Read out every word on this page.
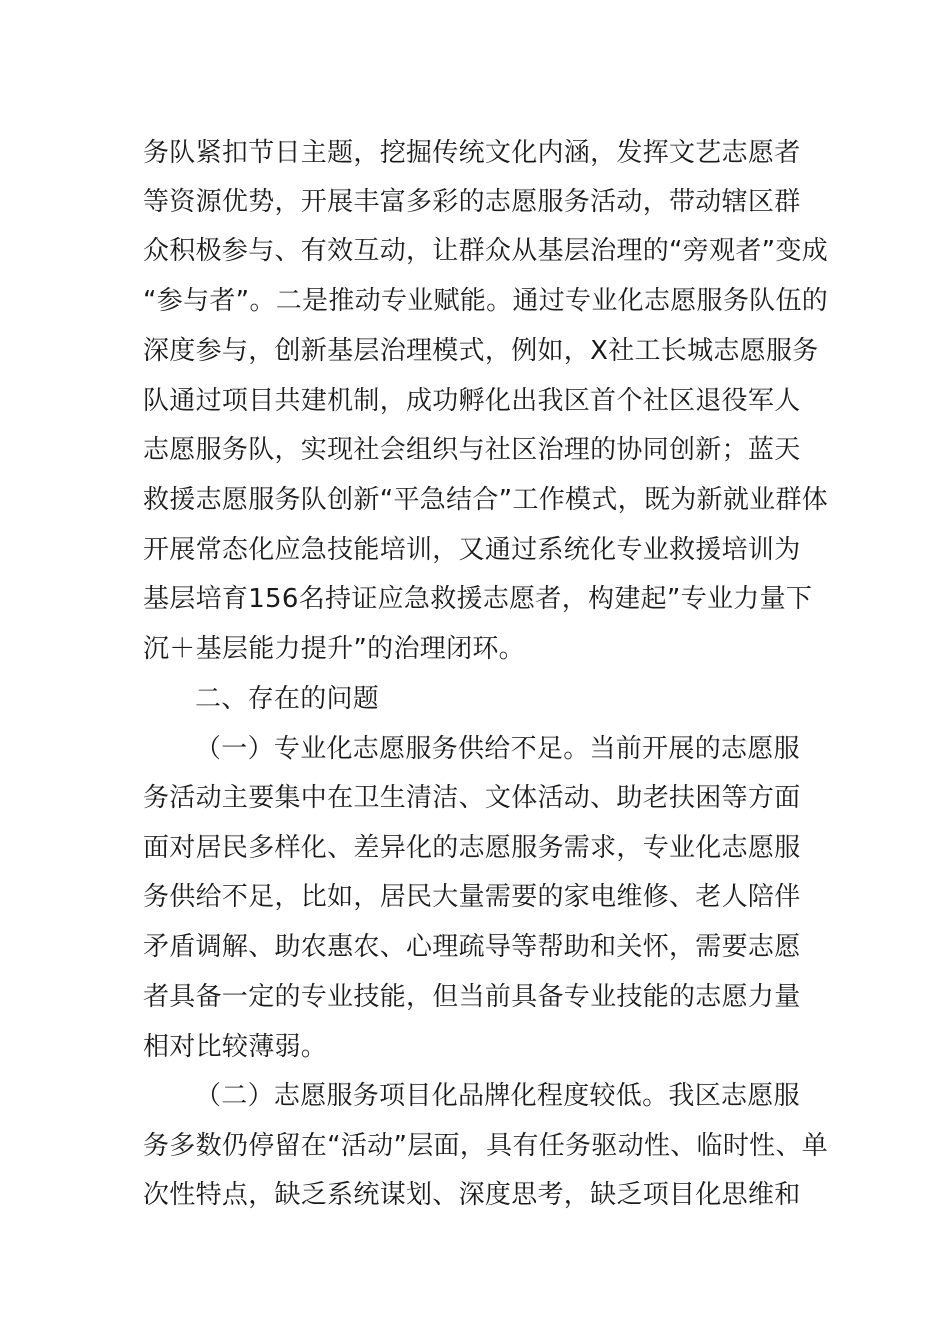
务队紧扣节日主题，挖掘传统文化内涵，发挥文艺志愿者
等资源优势，开展丰富多彩的志愿服务活动，带动辖区群
众积极参与、有效互动，让群众从基层治理的“旁观者”变成
“参与者”。二是推动专业赋能。通过专业化志愿服务队伍的
深度参与，创新基层治理模式，例如，X社工长城志愿服务
队通过项目共建机制，成功孵化出我区首个社区退役军人
志愿服务队，实现社会组织与社区治理的协同创新；蓝天
救援志愿服务队创新“平急结合”工作模式，既为新就业群体
开展常态化应急技能培训，又通过系统化专业救援培训为
基层培育156名持证应急救援志愿者，构建起”专业力量下
沉＋基层能力提升”的治理闭环。
二、存在的问题
（一）专业化志愿服务供给不足。当前开展的志愿服
务活动主要集中在卫生清洁、文体活动、助老扶困等方面
面对居民多样化、差异化的志愿服务需求，专业化志愿服
务供给不足，比如，居民大量需要的家电维修、老人陪伴
矛盾调解、助农惠农、心理疏导等帮助和关怀，需要志愿
者具备一定的专业技能，但当前具备专业技能的志愿力量
相对比较薄弱。
（二）志愿服务项目化品牌化程度较低。我区志愿服
务多数仍停留在“活动”层面，具有任务驱动性、临时性、单
次性特点，缺乏系统谋划、深度思考，缺乏项目化思维和
